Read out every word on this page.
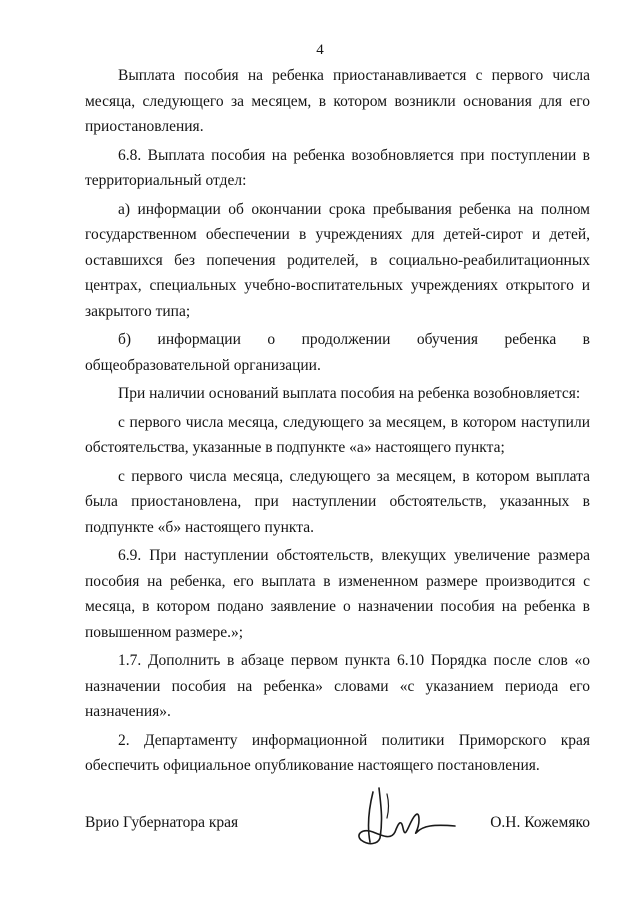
4

Выплата пособия на ребенка приостанавливается с первого числа месяца, следующего за месяцем, в котором возникли основания для его приостановления.

6.8. Выплата пособия на ребенка возобновляется при поступлении в территориальный отдел:

а) информации об окончании срока пребывания ребенка на полном государственном обеспечении в учреждениях для детей-сирот и детей, оставшихся без попечения родителей, в социально-реабилитационных центрах, специальных учебно-воспитательных учреждениях открытого и закрытого типа;

б) информации о продолжении обучения ребенка в общеобразовательной организации.

При наличии оснований выплата пособия на ребенка возобновляется:

с первого числа месяца, следующего за месяцем, в котором наступили обстоятельства, указанные в подпункте «а» настоящего пункта;

с первого числа месяца, следующего за месяцем, в котором выплата была приостановлена, при наступлении обстоятельств, указанных в подпункте «б» настоящего пункта.

6.9. При наступлении обстоятельств, влекущих увеличение размера пособия на ребенка, его выплата в измененном размере производится с месяца, в котором подано заявление о назначении пособия на ребенка в повышенном размере.»;

1.7. Дополнить в абзаце первом пункта 6.10 Порядка после слов «о назначении пособия на ребенка» словами «с указанием периода его назначения».

2. Департаменту информационной политики Приморского края обеспечить официальное опубликование настоящего постановления.

Врио Губернатора края	О.Н. Кожемяко
